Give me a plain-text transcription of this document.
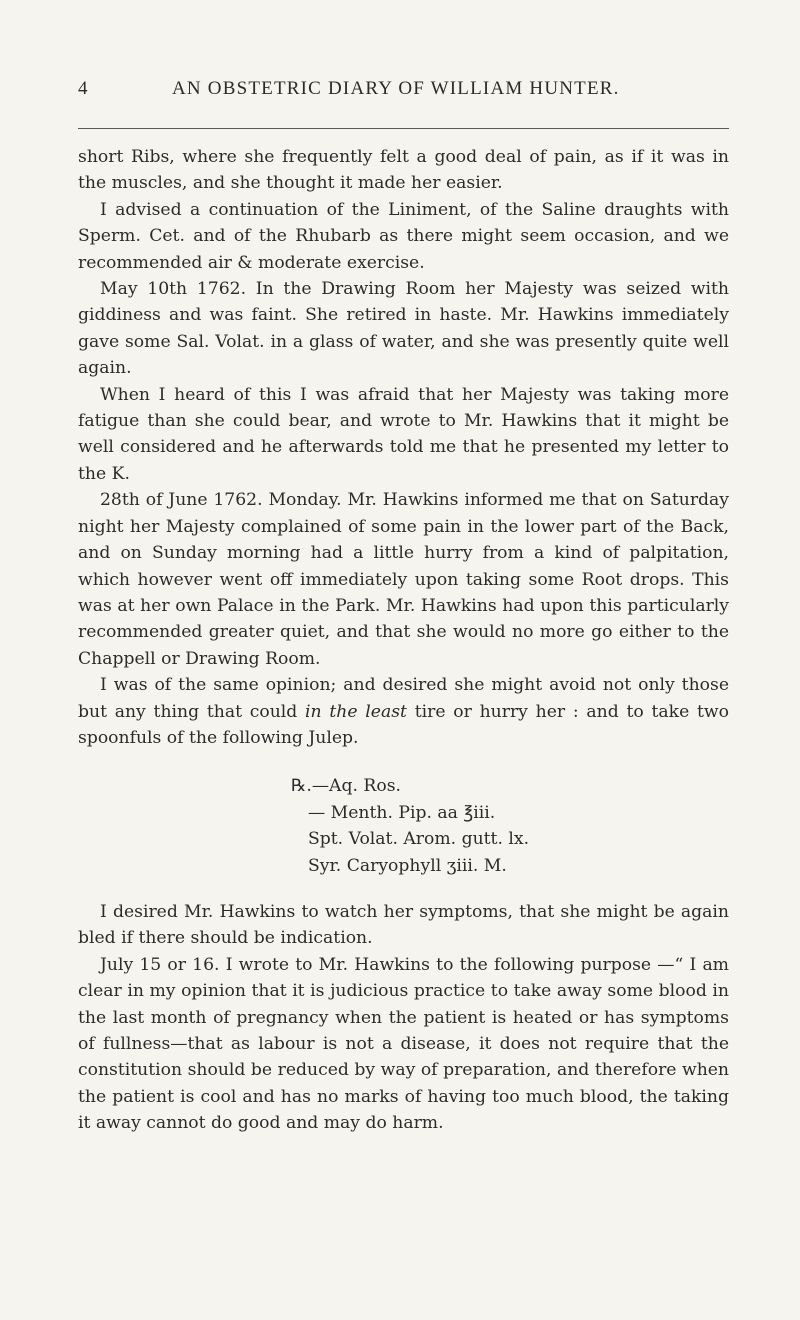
4	AN OBSTETRIC DIARY OF WILLIAM HUNTER.

short Ribs, where she frequently felt a good deal of pain, as if it was in the muscles, and she thought it made her easier.

I advised a continuation of the Liniment, of the Saline draughts with Sperm. Cet. and of the Rhubarb as there might seem occasion, and we recommended air & moderate exercise.

May 10th 1762. In the Drawing Room her Majesty was seized with giddiness and was faint. She retired in haste. Mr. Hawkins immediately gave some Sal. Volat. in a glass of water, and she was presently quite well again.

When I heard of this I was afraid that her Majesty was taking more fatigue than she could bear, and wrote to Mr. Hawkins that it might be well considered and he afterwards told me that he presented my letter to the K.

28th of June 1762. Monday. Mr. Hawkins informed me that on Saturday night her Majesty complained of some pain in the lower part of the Back, and on Sunday morning had a little hurry from a kind of palpitation, which however went off immediately upon taking some Root drops. This was at her own Palace in the Park. Mr. Hawkins had upon this particularly recommended greater quiet, and that she would no more go either to the Chappell or Drawing Room.

I was of the same opinion; and desired she might avoid not only those but any thing that could in the least tire or hurry her : and to take two spoonfuls of the following Julep.

℞.—Aq. Ros.
— Menth. Pip. aa ℥iii.
Spt. Volat. Arom. gutt. lx.
Syr. Caryophyll ʒiii. M.

I desired Mr. Hawkins to watch her symptoms, that she might be again bled if there should be indication.

July 15 or 16. I wrote to Mr. Hawkins to the following purpose —“ I am clear in my opinion that it is judicious practice to take away some blood in the last month of pregnancy when the patient is heated or has symptoms of fullness—that as labour is not a disease, it does not require that the constitution should be reduced by way of preparation, and therefore when the patient is cool and has no marks of having too much blood, the taking it away cannot do good and may do harm.
